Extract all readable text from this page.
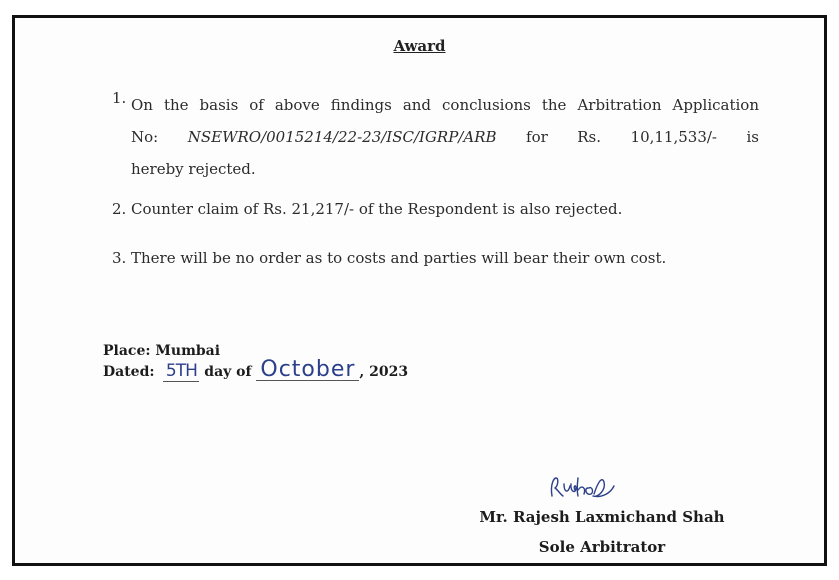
Award
1. On the basis of above findings and conclusions the Arbitration Application
No: NSEWRO/0015214/22-23/ISC/IGRP/ARB for Rs. 10,11,533/- is
hereby rejected.
2. Counter claim of Rs. 21,217/- of the Respondent is also rejected.
3. There will be no order as to costs and parties will bear their own cost.
Place: Mumbai
Dated: 5TH day of October , 2023
Mr. Rajesh Laxmichand Shah
Sole Arbitrator
